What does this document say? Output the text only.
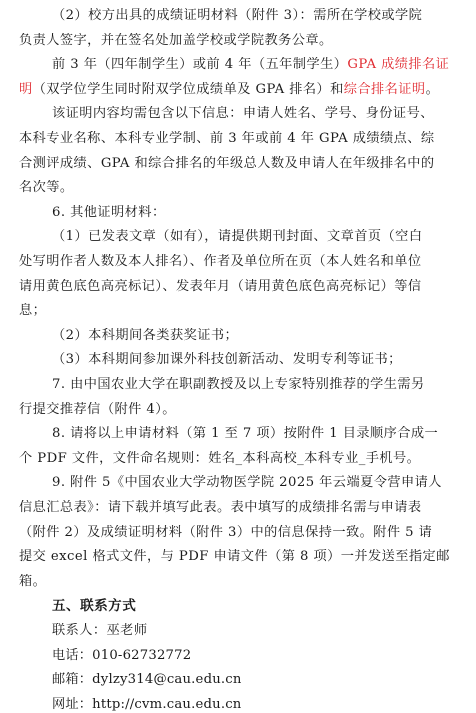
（2）校方出具的成绩证明材料（附件 3）：需所在学校或学院
负责人签字，并在签名处加盖学校或学院教务公章。
前 3 年（四年制学生）或前 4 年（五年制学生）GPA 成绩排名证
明（双学位学生同时附双学位成绩单及 GPA 排名）和综合排名证明。
该证明内容均需包含以下信息：申请人姓名、学号、身份证号、
本科专业名称、本科专业学制、前 3 年或前 4 年 GPA 成绩绩点、综
合测评成绩、GPA 和综合排名的年级总人数及申请人在年级排名中的
名次等。
6. 其他证明材料：
（1）已发表文章（如有），请提供期刊封面、文章首页（空白
处写明作者人数及本人排名）、作者及单位所在页（本人姓名和单位
请用黄色底色高亮标记）、发表年月（请用黄色底色高亮标记）等信
息；
（2）本科期间各类获奖证书；
（3）本科期间参加课外科技创新活动、发明专利等证书；
7. 由中国农业大学在职副教授及以上专家特别推荐的学生需另
行提交推荐信（附件 4）。
8. 请将以上申请材料（第 1 至 7 项）按附件 1 目录顺序合成一
个 PDF 文件，文件命名规则：姓名_本科高校_本科专业_手机号。
9. 附件 5《中国农业大学动物医学院 2025 年云端夏令营申请人
信息汇总表》：请下载并填写此表。表中填写的成绩排名需与申请表
（附件 2）及成绩证明材料（附件 3）中的信息保持一致。附件 5 请
提交 excel 格式文件，与 PDF 申请文件（第 8 项）一并发送至指定邮
箱。
五、联系方式
联系人：巫老师
电话：010-62732772
邮箱：dylzy314@cau.edu.cn
网址：http://cvm.cau.edu.cn
